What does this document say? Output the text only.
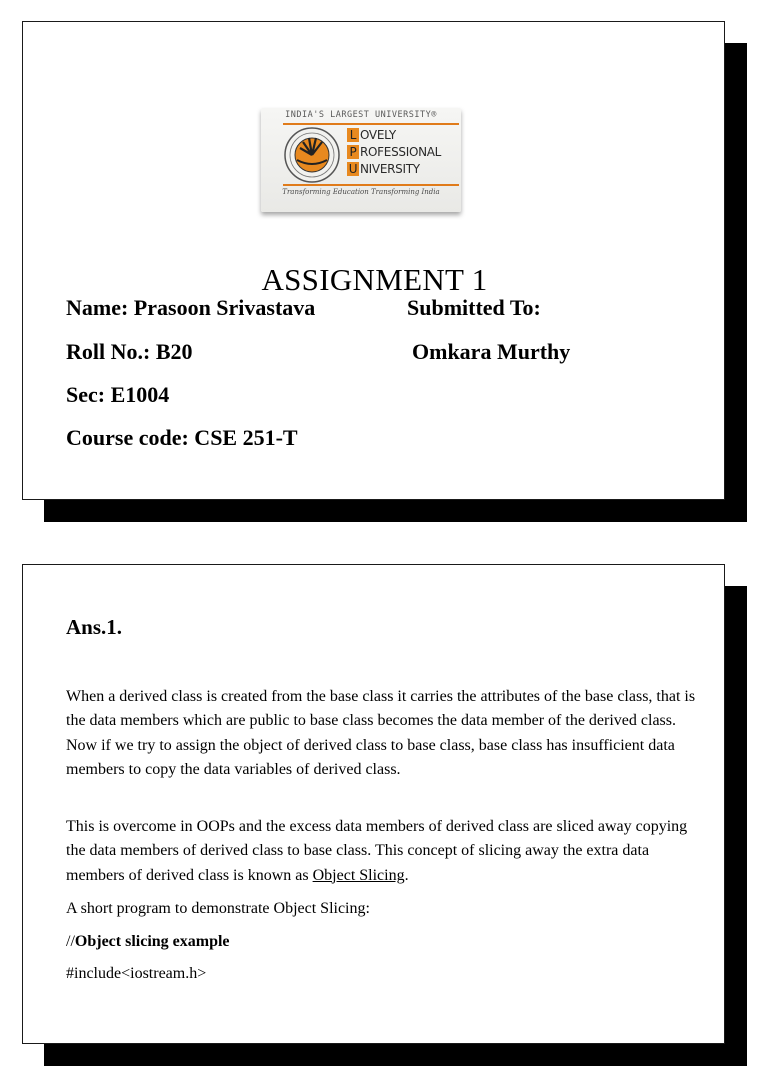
INDIA'S LARGEST UNIVERSITY®
L OVELY
P ROFESSIONAL
U NIVERSITY
Transforming Education Transforming India
ASSIGNMENT 1
Name: Prasoon Srivastava	Submitted To:
Roll No.: B20	Omkara Murthy
Sec: E1004
Course code: CSE 251-T
Ans.1.
When a derived class is created from the base class it carries the attributes of the base class, that is the data members which are public to base class becomes the data member of the derived class. Now if we try to assign the object of derived class to base class, base class has insufficient data members to copy the data variables of derived class.
This is overcome in OOPs and the excess data members of derived class are sliced away copying the data members of derived class to base class. This concept of slicing away the extra data members of derived class is known as Object Slicing.
A short program to demonstrate Object Slicing:
//Object slicing example
#include<iostream.h>
